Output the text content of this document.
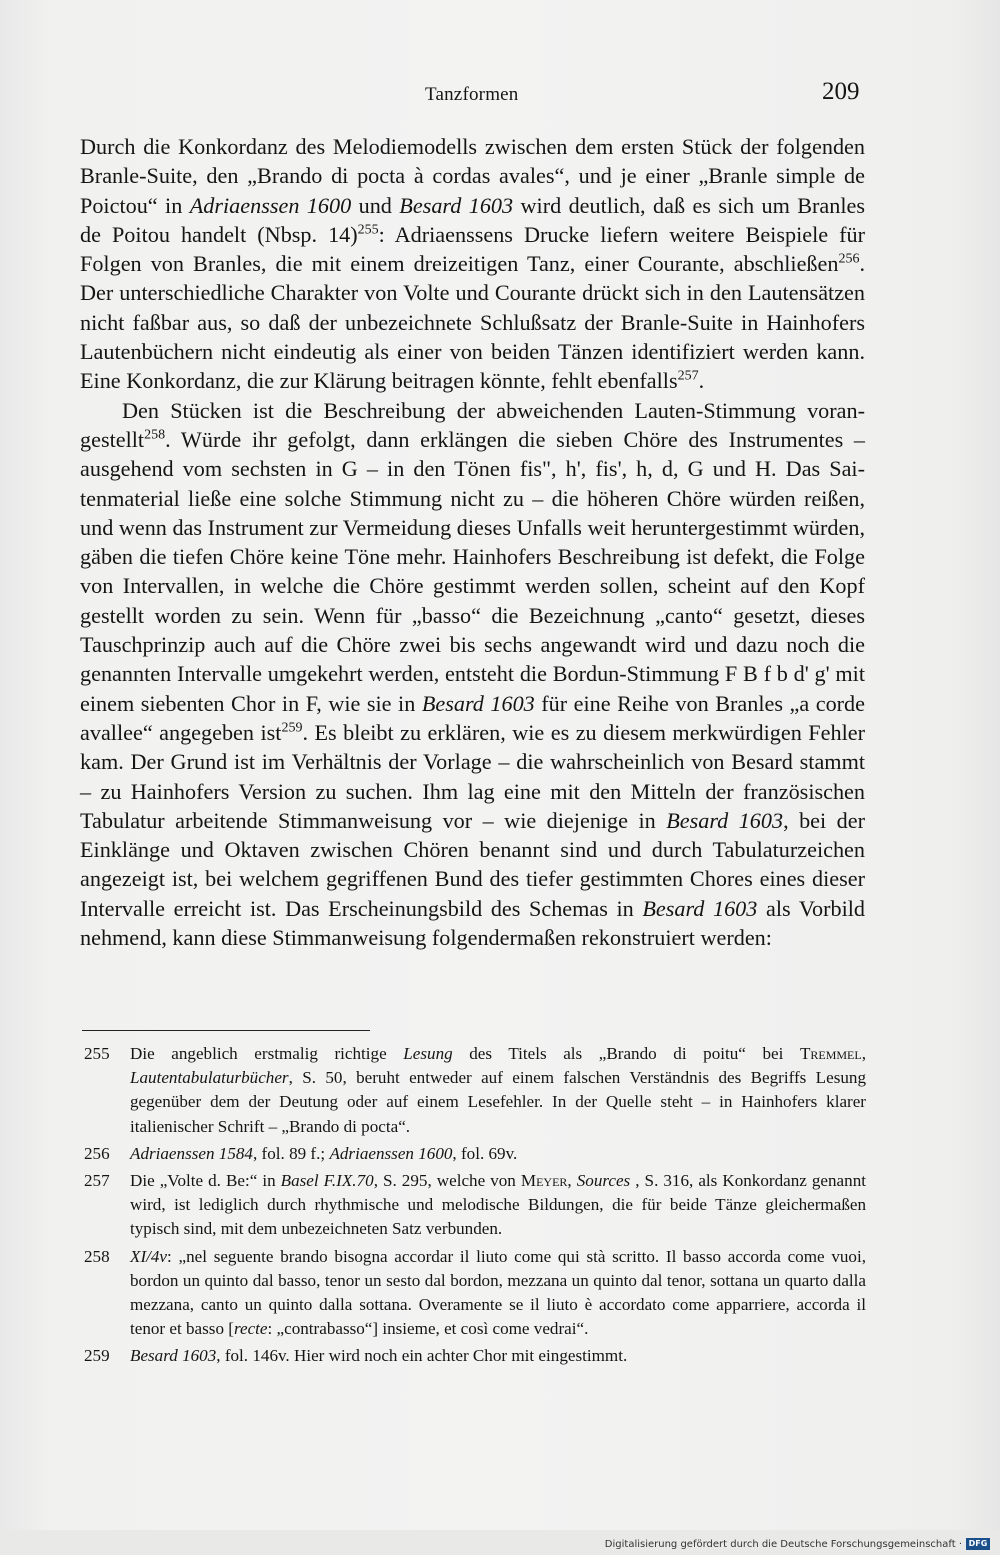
Tanzformen	209

Durch die Konkordanz des Melodiemodells zwischen dem ersten Stück der folgenden Branle-Suite, den „Brando di pocta à cordas avales“, und je einer „Branle simple de Poictou“ in Adriaenssen 1600 und Besard 1603 wird deutlich, daß es sich um Branles de Poitou handelt (Nbsp. 14)$^{255}$: Adriaenssens Drucke liefern weitere Beispiele für Folgen von Branles, die mit einem dreizeitigen Tanz, einer Courante, abschließen$^{256}$. Der unterschiedliche Charakter von Volte und Courante drückt sich in den Lautensätzen nicht faßbar aus, so daß der unbezeichnete Schlußsatz der Branle-Suite in Hainhofers Lautenbüchern nicht eindeutig als einer von beiden Tänzen identifiziert werden kann. Eine Konkordanz, die zur Klärung beitragen könnte, fehlt ebenfalls$^{257}$.

Den Stücken ist die Beschreibung der abweichenden Lauten-Stimmung vorangestellt$^{258}$. Würde ihr gefolgt, dann erklängen die sieben Chöre des Instrumentes – ausgehend vom sechsten in G – in den Tönen fis", h', fis', h, d, G und H. Das Saitenmaterial ließe eine solche Stimmung nicht zu – die höheren Chöre würden reißen, und wenn das Instrument zur Vermeidung dieses Unfalls weit heruntergestimmt würden, gäben die tiefen Chöre keine Töne mehr. Hainhofers Beschreibung ist defekt, die Folge von Intervallen, in welche die Chöre gestimmt werden sollen, scheint auf den Kopf gestellt worden zu sein. Wenn für „basso“ die Bezeichnung „canto“ gesetzt, dieses Tauschprinzip auch auf die Chöre zwei bis sechs angewandt wird und dazu noch die genannten Intervalle umgekehrt werden, entsteht die Bordun-Stimmung F B f b d' g' mit einem siebenten Chor in F, wie sie in Besard 1603 für eine Reihe von Branles „a corde avallee“ angegeben ist$^{259}$. Es bleibt zu erklären, wie es zu diesem merkwürdigen Fehler kam. Der Grund ist im Verhältnis der Vorlage – die wahrscheinlich von Besard stammt – zu Hainhofers Version zu suchen. Ihm lag eine mit den Mitteln der französischen Tabulatur arbeitende Stimmanweisung vor – wie diejenige in Besard 1603, bei der Einklänge und Oktaven zwischen Chören benannt sind und durch Tabulaturzeichen angezeigt ist, bei welchem gegriffenen Bund des tiefer gestimmten Chores eines dieser Intervalle erreicht ist. Das Erscheinungsbild des Schemas in Besard 1603 als Vorbild nehmend, kann diese Stimmanweisung folgendermaßen rekonstruiert werden:

255	Die angeblich erstmalig richtige Lesung des Titels als „Brando di poitu“ bei Tremmel, Lautentabulaturbücher, S. 50, beruht entweder auf einem falschen Verständnis des Begriffs Lesung gegenüber dem der Deutung oder auf einem Lesefehler. In der Quelle steht – in Hainhofers klarer italienischer Schrift – „Brando di pocta“.
256	Adriaenssen 1584, fol. 89 f.; Adriaenssen 1600, fol. 69v.
257	Die „Volte d. Be:“ in Basel F.IX.70, S. 295, welche von Meyer, Sources , S. 316, als Konkordanz genannt wird, ist lediglich durch rhythmische und melodische Bildungen, die für beide Tänze gleichermaßen typisch sind, mit dem unbezeichneten Satz verbunden.
258	XI/4v: „nel seguente brando bisogna accordar il liuto come qui stà scritto. Il basso accorda come vuoi, bordon un quinto dal basso, tenor un sesto dal bordon, mezzana un quinto dal tenor, sottana un quarto dalla mezzana, canto un quinto dalla sottana. Overamente se il liuto è accordato come apparriere, accorda il tenor et basso [recte: „contrabasso“] insieme, et così come vedrai“.
259	Besard 1603, fol. 146v. Hier wird noch ein achter Chor mit eingestimmt.
Digitalisierung gefördert durch die Deutsche Forschungsgemeinschaft · DFG
